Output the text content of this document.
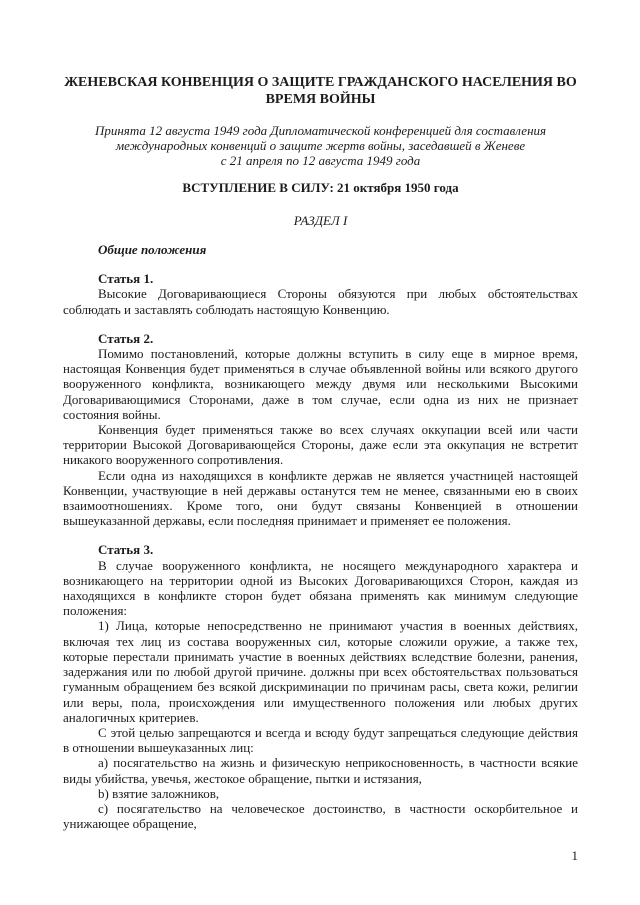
ЖЕНЕВСКАЯ КОНВЕНЦИЯ О ЗАЩИТЕ ГРАЖДАНСКОГО НАСЕЛЕНИЯ ВО
ВРЕМЯ ВОЙНЫ
Принята 12 августа 1949 года Дипломатической конференцией для составления
международных конвенций о защите жертв войны, заседавшей в Женеве
с 21 апреля по 12 августа 1949 года
ВСТУПЛЕНИЕ В СИЛУ: 21 октября 1950 года
РАЗДЕЛ I
Общие положения

Статья 1.

Высокие Договаривающиеся Стороны обязуются при любых обстоятельствах соблюдать и заставлять соблюдать настоящую Конвенцию.

Статья 2.

Помимо постановлений, которые должны вступить в силу еще в мирное время, настоящая Конвенция будет применяться в случае объявленной войны или всякого другого вооруженного конфликта, возникающего между двумя или несколькими Высокими Договаривающимися Сторонами, даже в том случае, если одна из них не признает состояния войны.

Конвенция будет применяться также во всех случаях оккупации всей или части территории Высокой Договаривающейся Стороны, даже если эта оккупация не встретит никакого вооруженного сопротивления.

Если одна из находящихся в конфликте держав не является участницей настоящей Конвенции, участвующие в ней державы останутся тем не менее, связанными ею в своих взаимоотношениях. Кроме того, они будут связаны Конвенцией в отношении вышеуказанной державы, если последняя принимает и применяет ее положения.

Статья 3.

В случае вооруженного конфликта, не носящего международного характера и возникающего на территории одной из Высоких Договаривающихся Сторон, каждая из находящихся в конфликте сторон будет обязана применять как минимум следующие положения:

1) Лица, которые непосредственно не принимают участия в военных действиях, включая тех лиц из состава вооруженных сил, которые сложили оружие, а также тех, которые перестали принимать участие в военных действиях вследствие болезни, ранения, задержания или по любой другой причине. должны при всех обстоятельствах пользоваться гуманным обращением без всякой дискриминации по причинам расы, света кожи, религии или веры, пола, происхождения или имущественного положения или любых других аналогичных критериев.

С этой целью запрещаются и всегда и всюду будут запрещаться следующие действия в отношении вышеуказанных лиц:

a) посягательство на жизнь и физическую неприкосновенность, в частности всякие виды убийства, увечья, жестокое обращение, пытки и истязания,

b) взятие заложников,

c) посягательство на человеческое достоинство, в частности оскорбительное и унижающее обращение,

1
